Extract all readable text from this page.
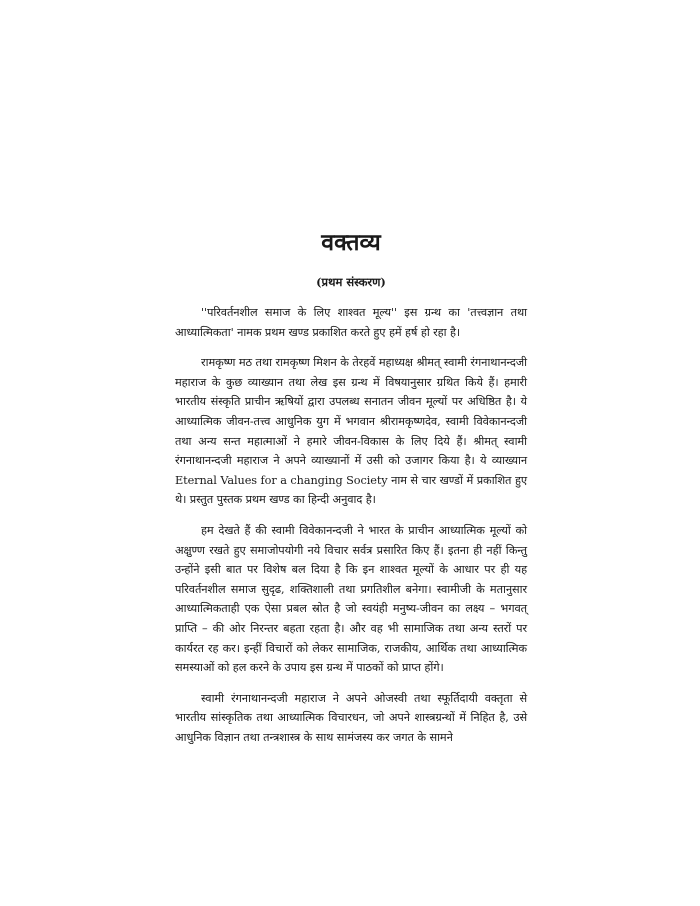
वक्तव्य
(प्रथम संस्करण)

''परिवर्तनशील समाज के लिए शाश्वत मूल्य'' इस ग्रन्थ का 'तत्त्वज्ञान तथा आध्यात्मिकता' नामक प्रथम खण्ड प्रकाशित करते हुए हमें हर्ष हो रहा है।

रामकृष्ण मठ तथा रामकृष्ण मिशन के तेरहवें महाध्यक्ष श्रीमत् स्वामी रंगनाथानन्दजी महाराज के कुछ व्याख्यान तथा लेख इस ग्रन्थ में विषयानुसार ग्रथित किये हैं। हमारी भारतीय संस्कृति प्राचीन ऋषियों द्वारा उपलब्ध सनातन जीवन मूल्यों पर अधिष्ठित है। ये आध्यात्मिक जीवन-तत्त्व आधुनिक युग में भगवान श्रीरामकृष्णदेव, स्वामी विवेकानन्दजी तथा अन्य सन्त महात्माओं ने हमारे जीवन-विकास के लिए दिये हैं। श्रीमत् स्वामी रंगनाथानन्दजी महाराज ने अपने व्याख्यानों में उसी को उजागर किया है। ये व्याख्यान Eternal Values for a changing Society नाम से चार खण्डों में प्रकाशित हुए थे। प्रस्तुत पुस्तक प्रथम खण्ड का हिन्दी अनुवाद है।

हम देखते हैं की स्वामी विवेकानन्दजी ने भारत के प्राचीन आध्यात्मिक मूल्यों को अक्षुण्ण रखते हुए समाजोपयोगी नये विचार सर्वत्र प्रसारित किए हैं। इतना ही नहीं किन्तु उन्होंने इसी बात पर विशेष बल दिया है कि इन शाश्वत मूल्यों के आधार पर ही यह परिवर्तनशील समाज सुदृढ, शक्तिशाली तथा प्रगतिशील बनेगा। स्वामीजी के मतानुसार आध्यात्मिकताही एक ऐसा प्रबल स्रोत है जो स्वयंही मनुष्य-जीवन का लक्ष्य – भगवत् प्राप्ति – की ओर निरन्तर बहता रहता है। और वह भी सामाजिक तथा अन्य स्तरों पर कार्यरत रह कर। इन्हीं विचारों को लेकर सामाजिक, राजकीय, आर्थिक तथा आध्यात्मिक समस्याओं को हल करने के उपाय इस ग्रन्थ में पाठकों को प्राप्त होंगे।

स्वामी रंगनाथानन्दजी महाराज ने अपने ओजस्वी तथा स्फूर्तिदायी वक्तृता से भारतीय सांस्कृतिक तथा आध्यात्मिक विचारधन, जो अपने शास्त्रग्रन्थों में निहित है, उसे आधुनिक विज्ञान तथा तन्त्रशास्त्र के साथ सामंजस्य कर जगत के सामने
